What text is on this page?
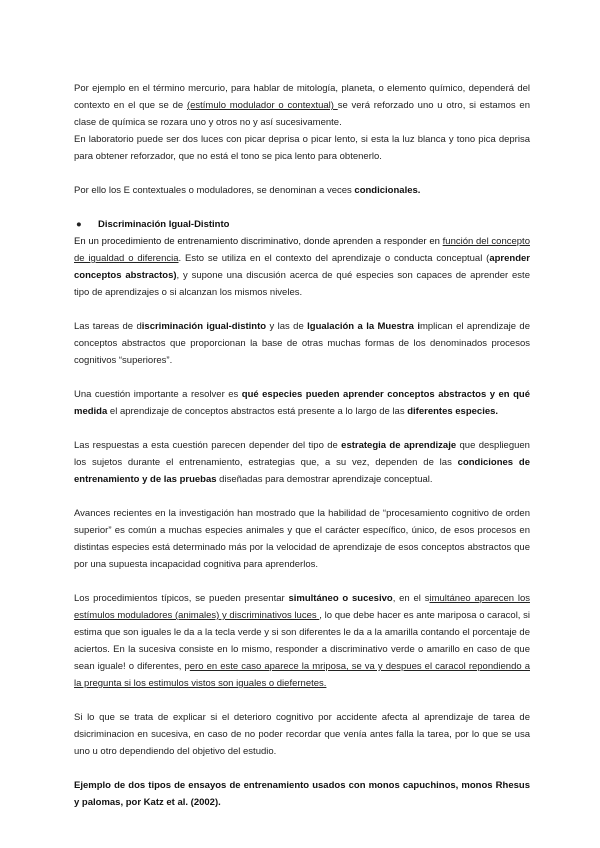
Por ejemplo en el término mercurio, para hablar de mitología, planeta, o elemento químico, dependerá del contexto en el que se de (estímulo modulador o contextual) se verá reforzado uno u otro, si estamos en clase de química se rozara uno y otros no y así sucesivamente.

En laboratorio puede ser dos luces con picar deprisa o picar lento, si esta la luz blanca y tono pica deprisa para obtener reforzador, que no está el tono se pica lento para obtenerlo.

Por ello los E contextuales o moduladores, se denominan a veces condicionales.

● Discriminación Igual-Distinto

En un procedimiento de entrenamiento discriminativo, donde aprenden a responder en función del concepto de igualdad o diferencia. Esto se utiliza en el contexto del aprendizaje o conducta conceptual (aprender conceptos abstractos), y supone una discusión acerca de qué especies son capaces de aprender este tipo de aprendizajes o si alcanzan los mismos niveles.

Las tareas de discriminación igual-distinto y las de Igualación a la Muestra implican el aprendizaje de conceptos abstractos que proporcionan la base de otras muchas formas de los denominados procesos cognitivos “superiores”.

Una cuestión importante a resolver es qué especies pueden aprender conceptos abstractos y en qué medida el aprendizaje de conceptos abstractos está presente a lo largo de las diferentes especies.

Las respuestas a esta cuestión parecen depender del tipo de estrategia de aprendizaje que desplieguen los sujetos durante el entrenamiento, estrategias que, a su vez, dependen de las condiciones de entrenamiento y de las pruebas diseñadas para demostrar aprendizaje conceptual.

Avances recientes en la investigación han mostrado que la habilidad de “procesamiento cognitivo de orden superior” es común a muchas especies animales y que el carácter específico, único, de esos procesos en distintas especies está determinado más por la velocidad de aprendizaje de esos conceptos abstractos que por una supuesta incapacidad cognitiva para aprenderlos.

Los procedimientos típicos, se pueden presentar simultáneo o sucesivo, en el simultáneo aparecen los estímulos moduladores (animales) y discriminativos luces , lo que debe hacer es ante mariposa o caracol, si estima que son iguales le da a la tecla verde y si son diferentes le da a la amarilla contando el porcentaje de aciertos. En la sucesiva consiste en lo mismo, responder a discriminativo verde o amarillo en caso de que sean iguale! o diferentes, pero en este caso aparece la mriposa, se va y despues el caracol repondiendo a la pregunta si los estimulos vistos son iguales o diefernetes.

Si lo que se trata de explicar si el deterioro cognitivo por accidente afecta al aprendizaje de tarea de dsicriminacion en sucesiva, en caso de no poder recordar que venía antes falla la tarea, por lo que se usa uno u otro dependiendo del objetivo del estudio.

Ejemplo de dos tipos de ensayos de entrenamiento usados con monos capuchinos, monos Rhesus y palomas, por Katz et al. (2002).
